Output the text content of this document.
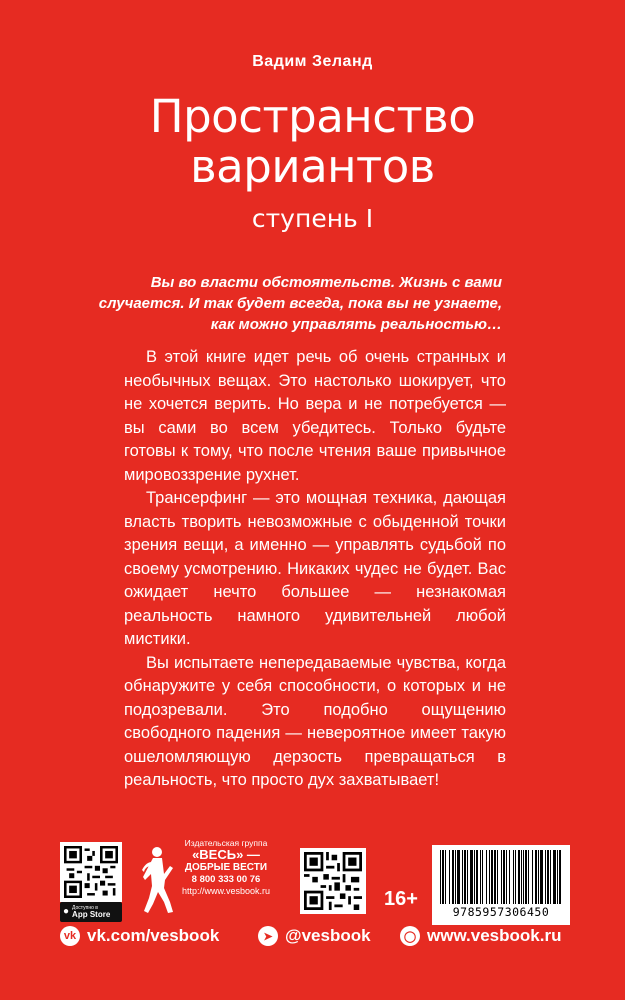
Вадим Зеланд
Пространство
вариантов
ступень I
Вы во власти обстоятельств. Жизнь с вами
случается. И так будет всегда, пока вы не узнаете,
как можно управлять реальностью…

В этой книге идет речь об очень странных и необычных вещах. Это настолько шокирует, что не хочется верить. Но вера и не потребуется — вы сами во всем убедитесь. Только будьте готовы к тому, что после чтения ваше привычное мировоззрение рухнет.

Трансерфинг — это мощная техника, дающая власть творить невозможные с обыденной точки зрения вещи, а именно — управлять судьбой по своему усмотрению. Никаких чудес не будет. Вас ожидает нечто большее — незнакомая реальность намного удивительней любой мистики.

Вы испытаете непередаваемые чувства, когда обнаружите у себя способности, о которых и не подозревали. Это подобно ощущению свободного падения — невероятное имеет такую ошеломляющую дерзость превращаться в реальность, что просто дух захватывает!

● Доступно в
App Store
Издательская группа
«ВЕСЬ» —
ДОБРЫЕ ВЕСТИ
8 800 333 00 76
http://www.vesbook.ru	16+
9785957306450
vk vk.com/vesbook	➤ @vesbook	◯ www.vesbook.ru
